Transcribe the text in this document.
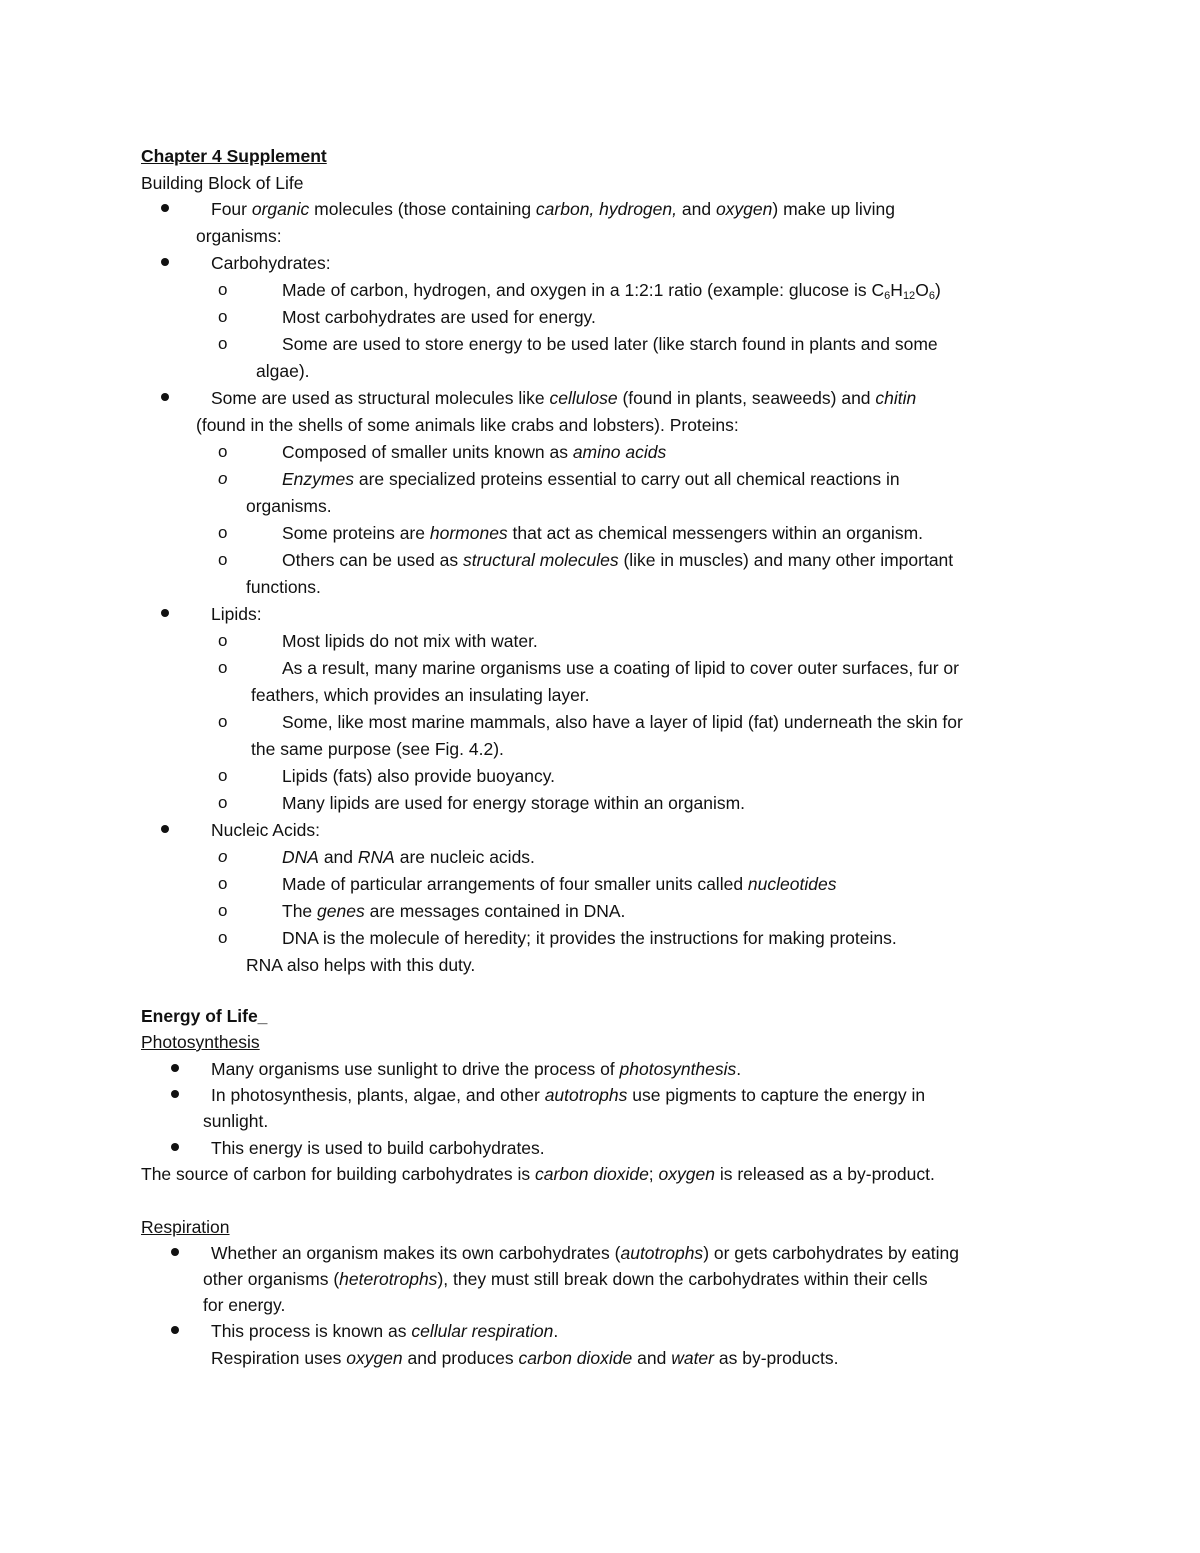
Chapter 4 Supplement
Building Block of Life
Four organic molecules (those containing carbon, hydrogen, and oxygen) make up living
organisms:
Carbohydrates:
o	Made of carbon, hydrogen, and oxygen in a 1:2:1 ratio (example: glucose is $C_6H_{12}O_6$)
o	Most carbohydrates are used for energy.
o	Some are used to store energy to be used later (like starch found in plants and some
algae).
Some are used as structural molecules like cellulose (found in plants, seaweeds) and chitin
(found in the shells of some animals like crabs and lobsters). Proteins:
o	Composed of smaller units known as amino acids
o	Enzymes are specialized proteins essential to carry out all chemical reactions in
organisms.
o	Some proteins are hormones that act as chemical messengers within an organism.
o	Others can be used as structural molecules (like in muscles) and many other important
functions.
Lipids:
o	Most lipids do not mix with water.
o	As a result, many marine organisms use a coating of lipid to cover outer surfaces, fur or
feathers, which provides an insulating layer.
o	Some, like most marine mammals, also have a layer of lipid (fat) underneath the skin for
the same purpose (see Fig. 4.2).
o	Lipids (fats) also provide buoyancy.
o	Many lipids are used for energy storage within an organism.
Nucleic Acids:
o	DNA and RNA are nucleic acids.
o	Made of particular arrangements of four smaller units called nucleotides
o	The genes are messages contained in DNA.
o	DNA is the molecule of heredity; it provides the instructions for making proteins.
RNA also helps with this duty.
Energy of Life_
Photosynthesis
Many organisms use sunlight to drive the process of photosynthesis.
In photosynthesis, plants, algae, and other autotrophs use pigments to capture the energy in
sunlight.
This energy is used to build carbohydrates.
The source of carbon for building carbohydrates is carbon dioxide; oxygen is released as a by-product.
Respiration
Whether an organism makes its own carbohydrates (autotrophs) or gets carbohydrates by eating
other organisms (heterotrophs), they must still break down the carbohydrates within their cells
for energy.
This process is known as cellular respiration.
Respiration uses oxygen and produces carbon dioxide and water as by-products.
